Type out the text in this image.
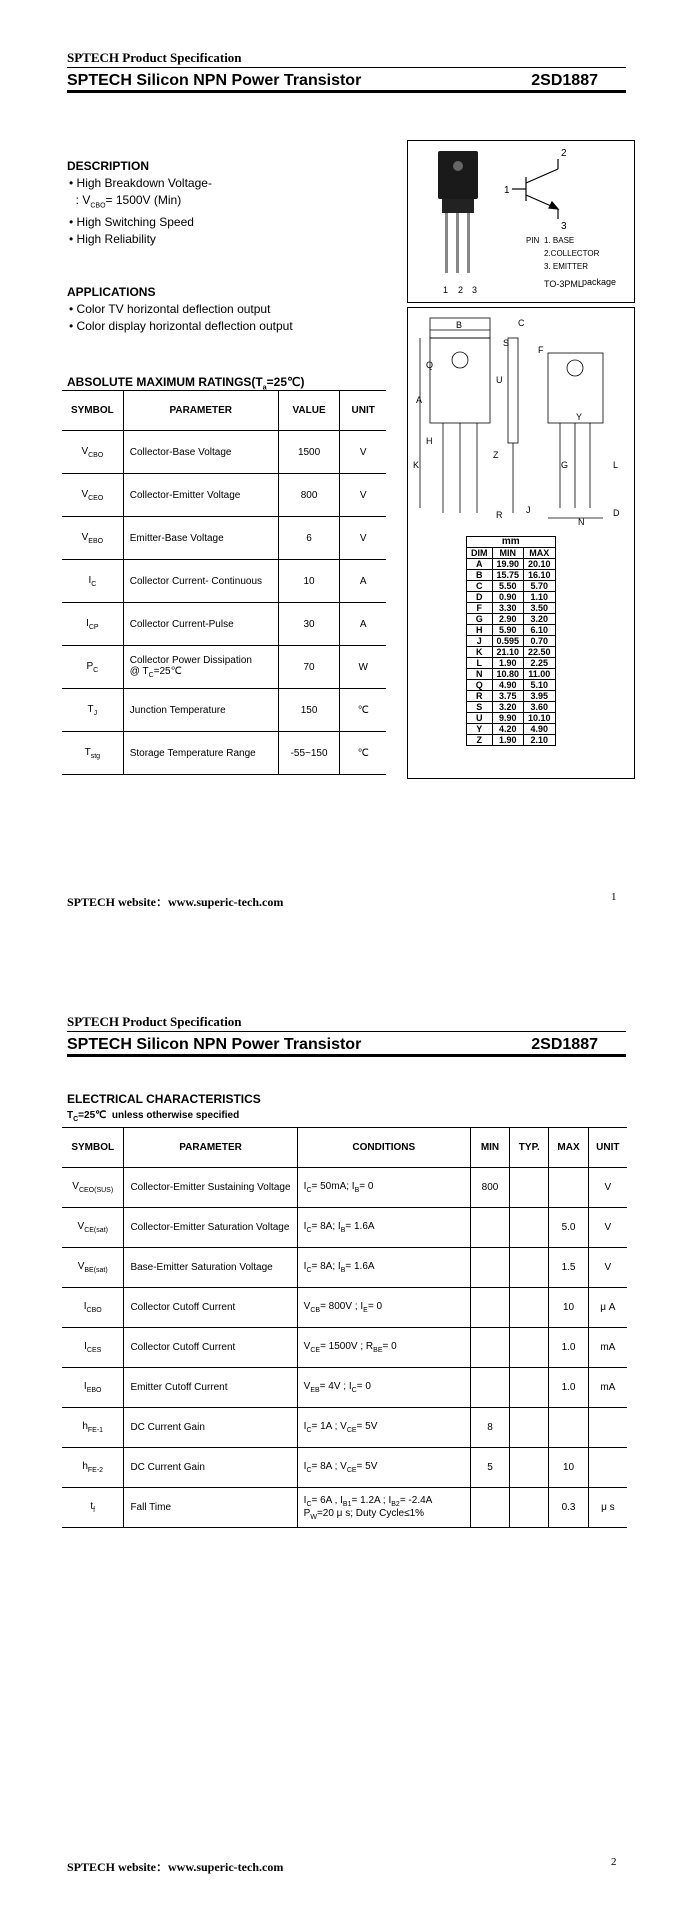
SPTECH Product Specification
SPTECH Silicon NPN Power Transistor	2SD1887
DESCRIPTION
• High Breakdown Voltage-
: $V_{CBO}= 1500V$ (Min)
• High Switching Speed
• High Reliability
APPLICATIONS
• Color TV horizontal deflection output
• Color display horizontal deflection output
ABSOLUTE MAXIMUM $RATINGS(T_a=25℃)$
SYMBOL	PARAMETER	VALUE	UNIT
$V_{CBO}$	Collector-Base Voltage	1500	V
$V_{CEO}$	Collector-Emitter Voltage	800	V
$V_{EBO}$	Emitter-Base Voltage	6	V
$I_C$	Collector Current- Continuous	10	A
$I_{CP}$	Collector Current-Pulse	30	A
$P_C$	Collector Power Dissipation
@ $T_C=25℃$	70	W
$T_J$	Junction Temperature	150	℃
$T_{stg}$	Storage Temperature Range	-55~150	℃
1 2 3
2
1
3
PIN 1. BASE
2.COLLECTOR
3. EMITTER
TO-3PML package
A
B	C
D
F
G
H
J
K	L
N
Q
R
S
U
Y
Z
mm		
DIM	MIN	MAX
A	19.90	20.10
B	15.75	16.10
C	5.50	5.70
D	0.90	1.10
F	3.30	3.50
G	2.90	3.20
H	5.90	6.10
J	0.595	0.70
K	21.10	22.50
L	1.90	2.25
N	10.80	11.00
Q	4.90	5.10
R	3.75	3.95
S	3.20	3.60
U	9.90	10.10
Y	4.20	4.90
Z	1.90	2.10
SPTECH website：www.superic-tech.com	1
SPTECH Product Specification
SPTECH Silicon NPN Power Transistor	2SD1887
ELECTRICAL CHARACTERISTICS
$T_C=25℃$  unless otherwise specified
SYMBOL	PARAMETER	CONDITIONS	MIN	TYP.	MAX	UNIT
$V_{CEO(SUS)}$	Collector-Emitter Sustaining Voltage	$I_C= 50mA$; $I_B= 0$	800			V
$V_{CE(sat)}$	Collector-Emitter Saturation Voltage	$I_C= 8A$; $I_B= 1.6A$			5.0	V
$V_{BE(sat)}$	Base-Emitter Saturation Voltage	$I_C= 8A$; $I_B= 1.6A$			1.5	V
$I_{CBO}$	Collector Cutoff Current	$V_{CB}= 800V$ ; $I_E= 0$			10	μ A
$I_{CES}$	Collector Cutoff Current	$V_{CE}= 1500V$ ; $R_{BE}= 0$			1.0	mA
$I_{EBO}$	Emitter Cutoff Current	$V_{EB}= 4V$ ; $I_C= 0$			1.0	mA
$h_{FE-1}$	DC Current Gain	$I_C= 1A$ ; $V_{CE}= 5V$	8			
$h_{FE-2}$	DC Current Gain	$I_C= 8A$ ; $V_{CE}= 5V$	5		10	
$t_f$	Fall Time	$I_C= 6A$ , $I_{B1}= 1.2A$ ; $I_{B2}= -2.4A$
$P_W=20$ μ s; Duty Cycle≤1%			0.3	μ s
SPTECH website：www.superic-tech.com	2
